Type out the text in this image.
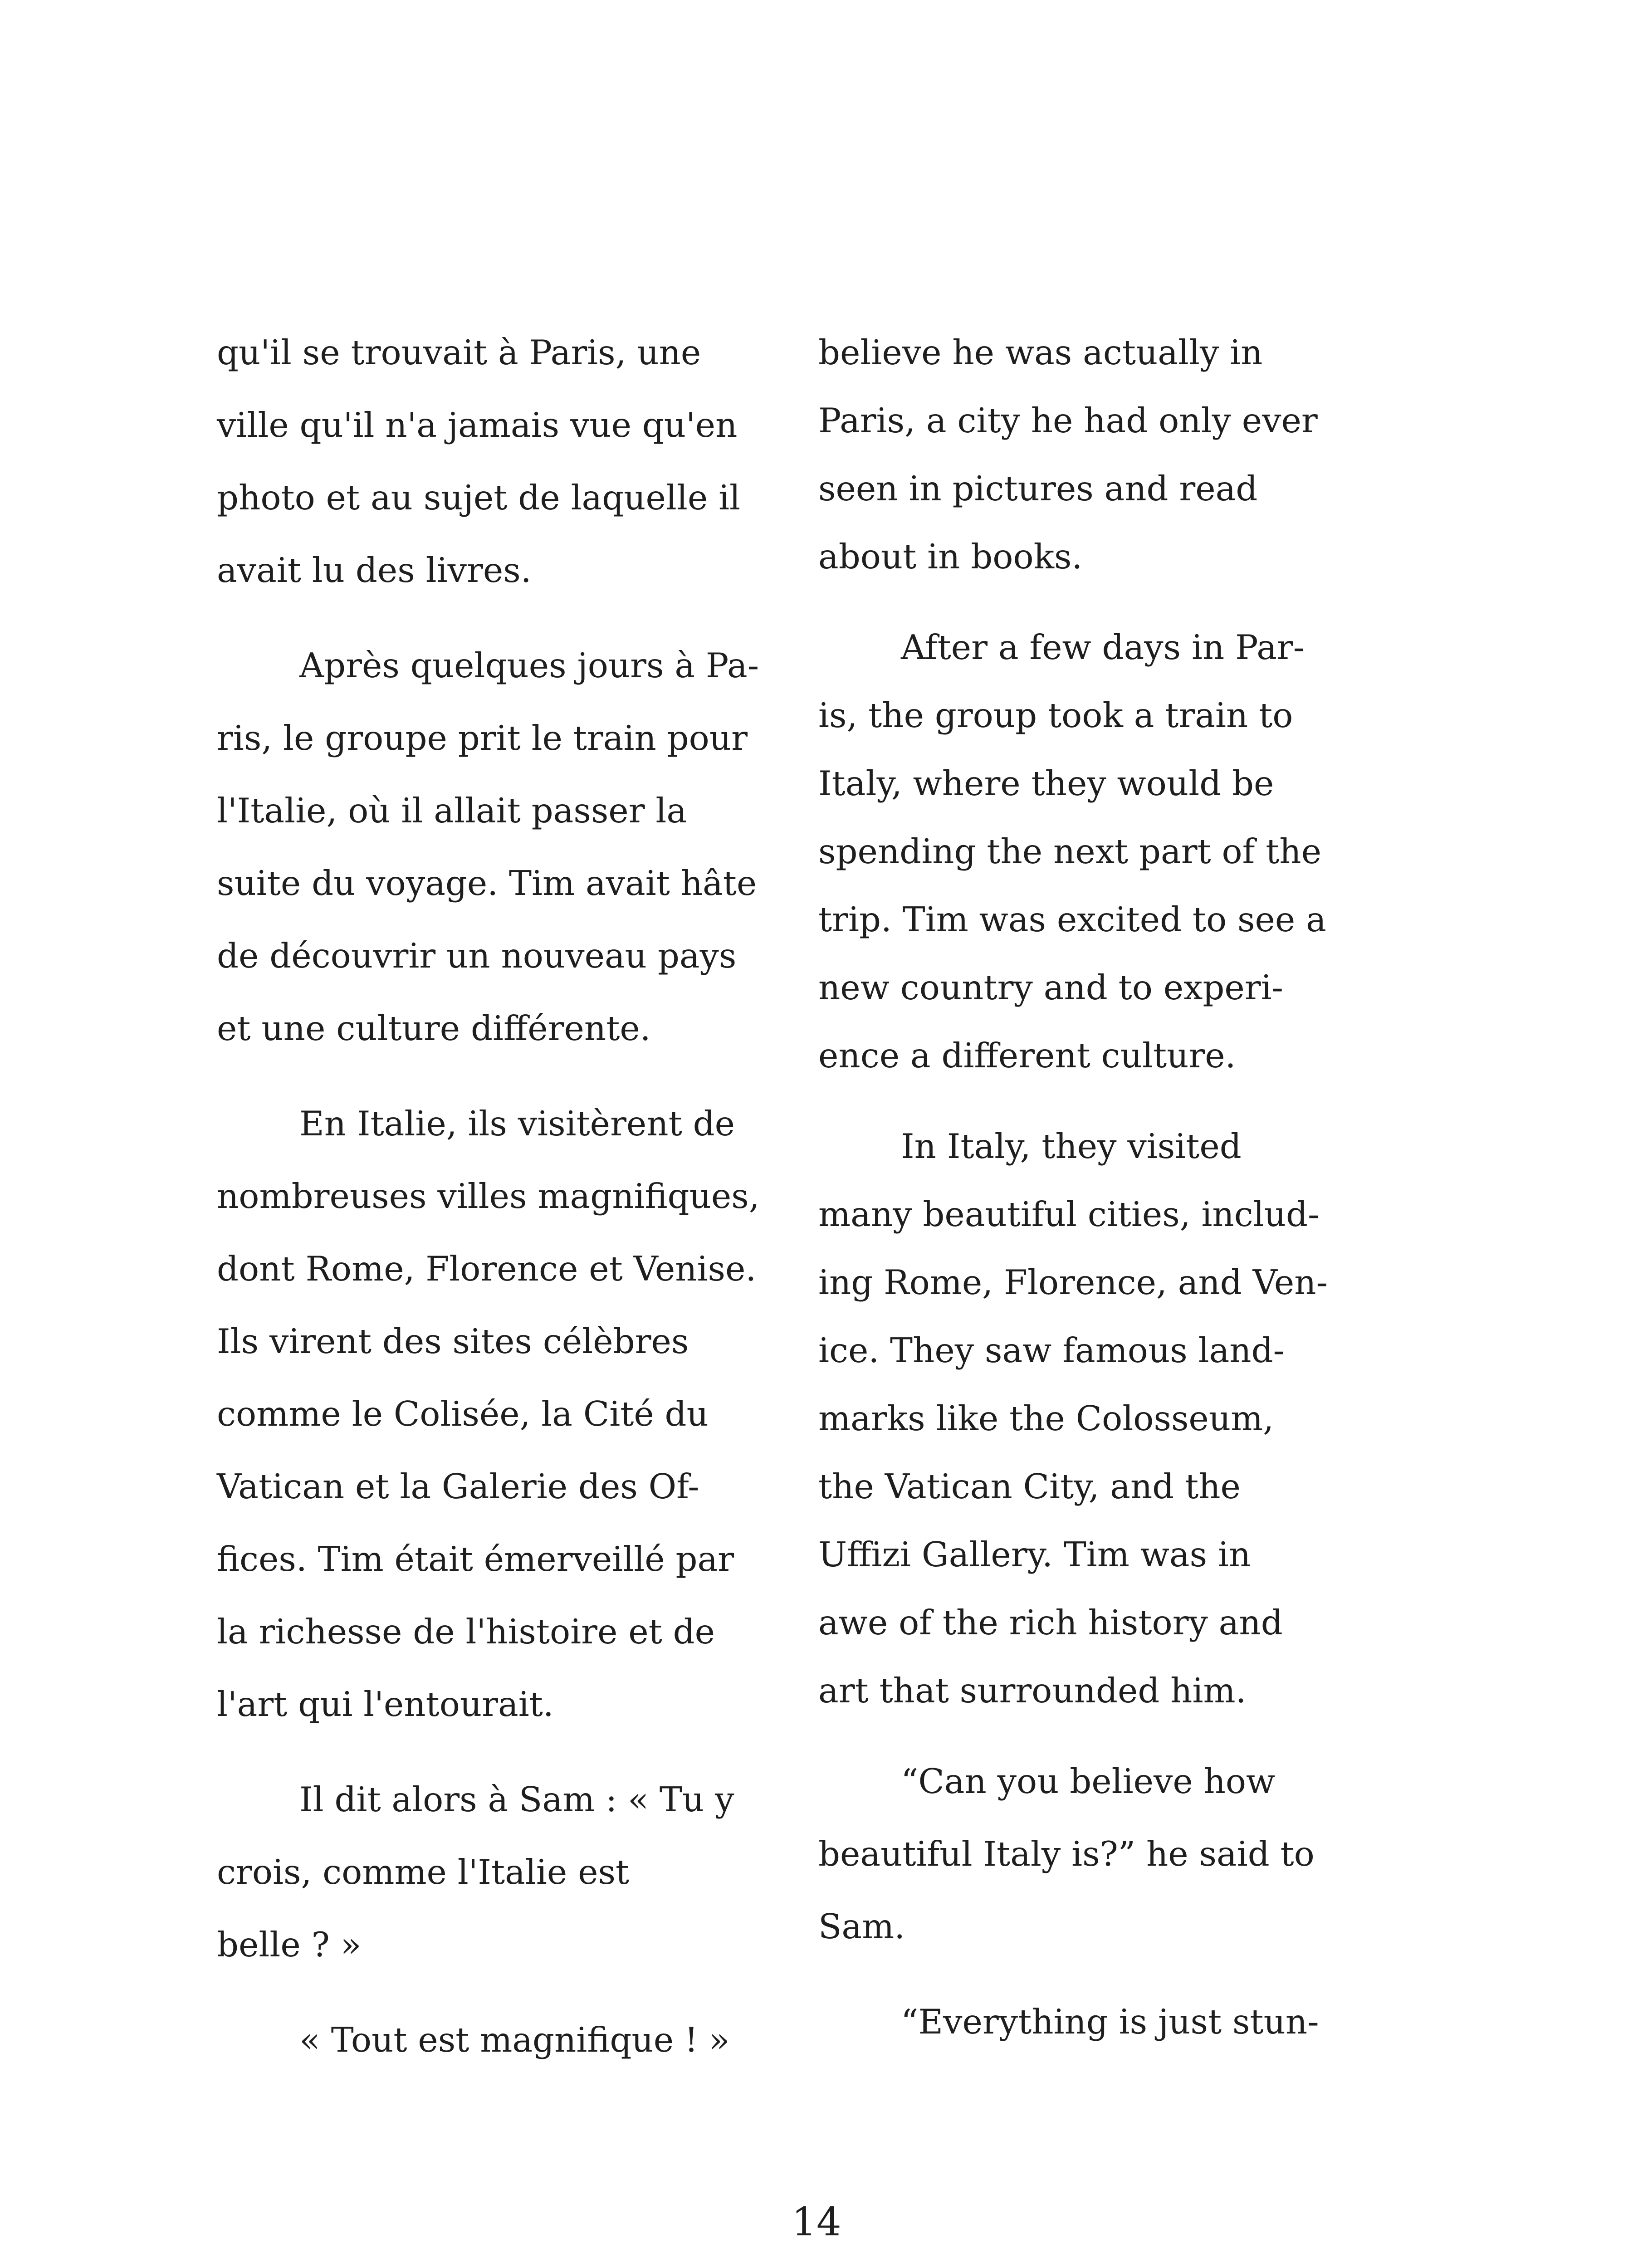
qu'il se trouvait à Paris, une
ville qu'il n'a jamais vue qu'en
photo et au sujet de laquelle il
avait lu des livres.
Après quelques jours à Pa-
ris, le groupe prit le train pour
l'Italie, où il allait passer la
suite du voyage. Tim avait hâte
de découvrir un nouveau pays
et une culture différente.
En Italie, ils visitèrent de
nombreuses villes magnifiques,
dont Rome, Florence et Venise.
Ils virent des sites célèbres
comme le Colisée, la Cité du
Vatican et la Galerie des Of-
fices. Tim était émerveillé par
la richesse de l'histoire et de
l'art qui l'entourait.
Il dit alors à Sam : « Tu y
crois, comme l'Italie est
belle ? »
« Tout est magnifique ! »
believe he was actually in
Paris, a city he had only ever
seen in pictures and read
about in books.
After a few days in Par-
is, the group took a train to
Italy, where they would be
spending the next part of the
trip. Tim was excited to see a
new country and to experi-
ence a different culture.
In Italy, they visited
many beautiful cities, includ-
ing Rome, Florence, and Ven-
ice. They saw famous land-
marks like the Colosseum,
the Vatican City, and the
Uffizi Gallery. Tim was in
awe of the rich history and
art that surrounded him.
“Can you believe how
beautiful Italy is?” he said to
Sam.
“Everything is just stun-
14
